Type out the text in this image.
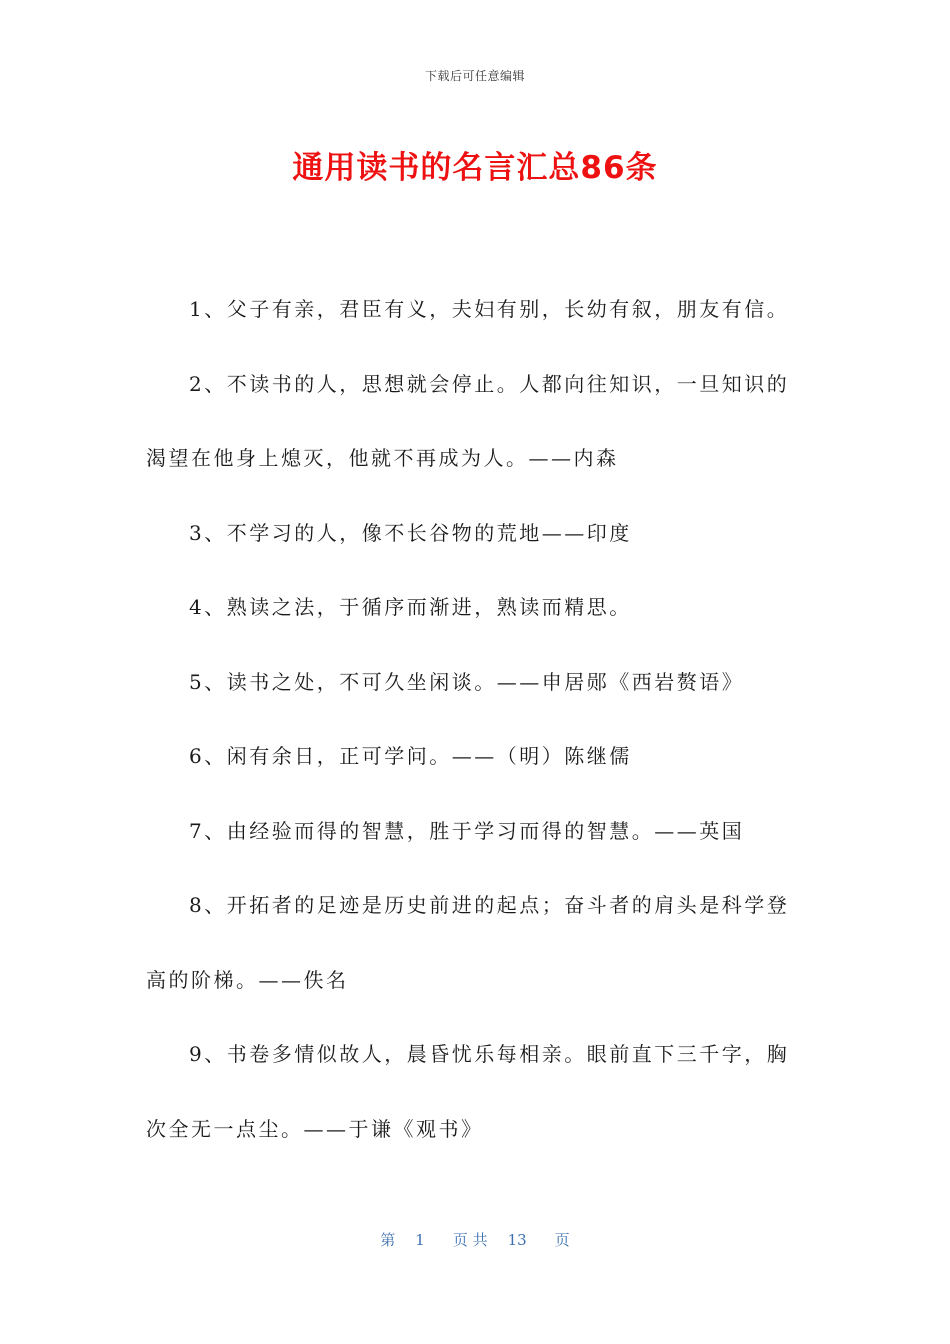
下载后可任意编辑
通用读书的名言汇总86条

1、父子有亲，君臣有义，夫妇有别，长幼有叙，朋友有信。

2、不读书的人，思想就会停止。人都向往知识，一旦知识的渴望在他身上熄灭，他就不再成为人。——内森

3、不学习的人，像不长谷物的荒地——印度

4、熟读之法，于循序而渐进，熟读而精思。

5、读书之处，不可久坐闲谈。——申居郧《西岩赘语》

6、闲有余日，正可学问。——（明）陈继儒

7、由经验而得的智慧，胜于学习而得的智慧。——英国

8、开拓者的足迹是历史前进的起点；奋斗者的肩头是科学登高的阶梯。——佚名

9、书卷多情似故人，晨昏忧乐每相亲。眼前直下三千字，胸次全无一点尘。——于谦《观书》

第 1 页 共 13 页
